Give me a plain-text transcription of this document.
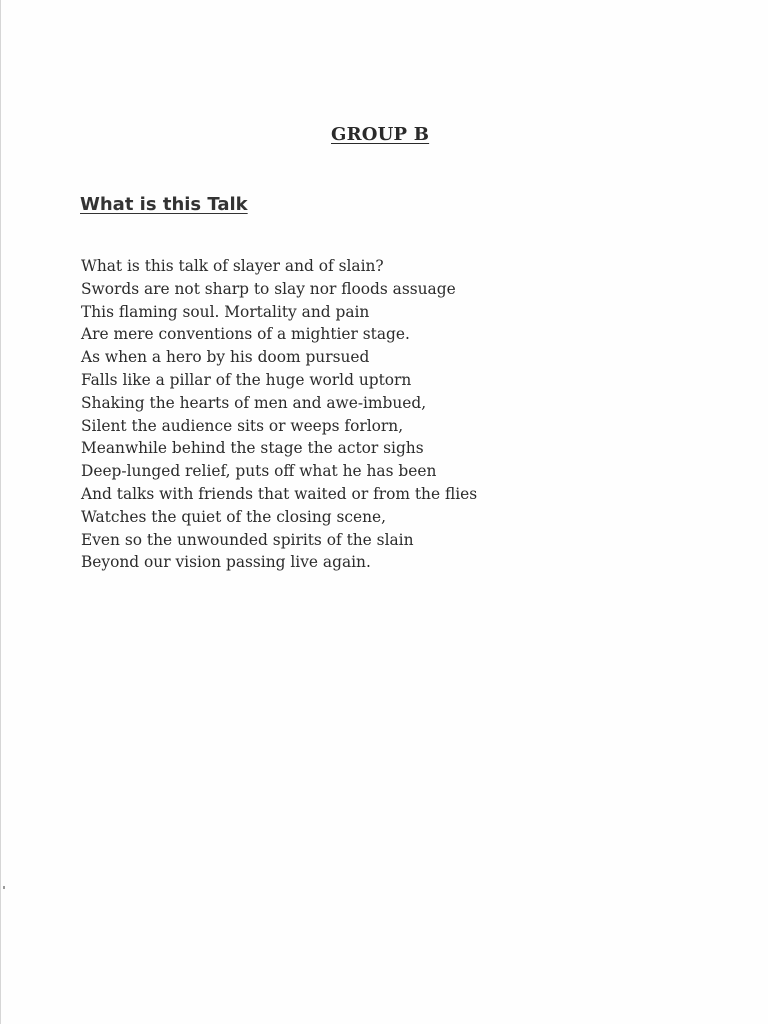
GROUP B
What is this Talk
What is this talk of slayer and of slain?
Swords are not sharp to slay nor floods assuage
This flaming soul. Mortality and pain
Are mere conventions of a mightier stage.
As when a hero by his doom pursued
Falls like a pillar of the huge world uptorn
Shaking the hearts of men and awe-imbued,
Silent the audience sits or weeps forlorn,
Meanwhile behind the stage the actor sighs
Deep-lunged relief, puts off what he has been
And talks with friends that waited or from the flies
Watches the quiet of the closing scene,
Even so the unwounded spirits of the slain
Beyond our vision passing live again.
